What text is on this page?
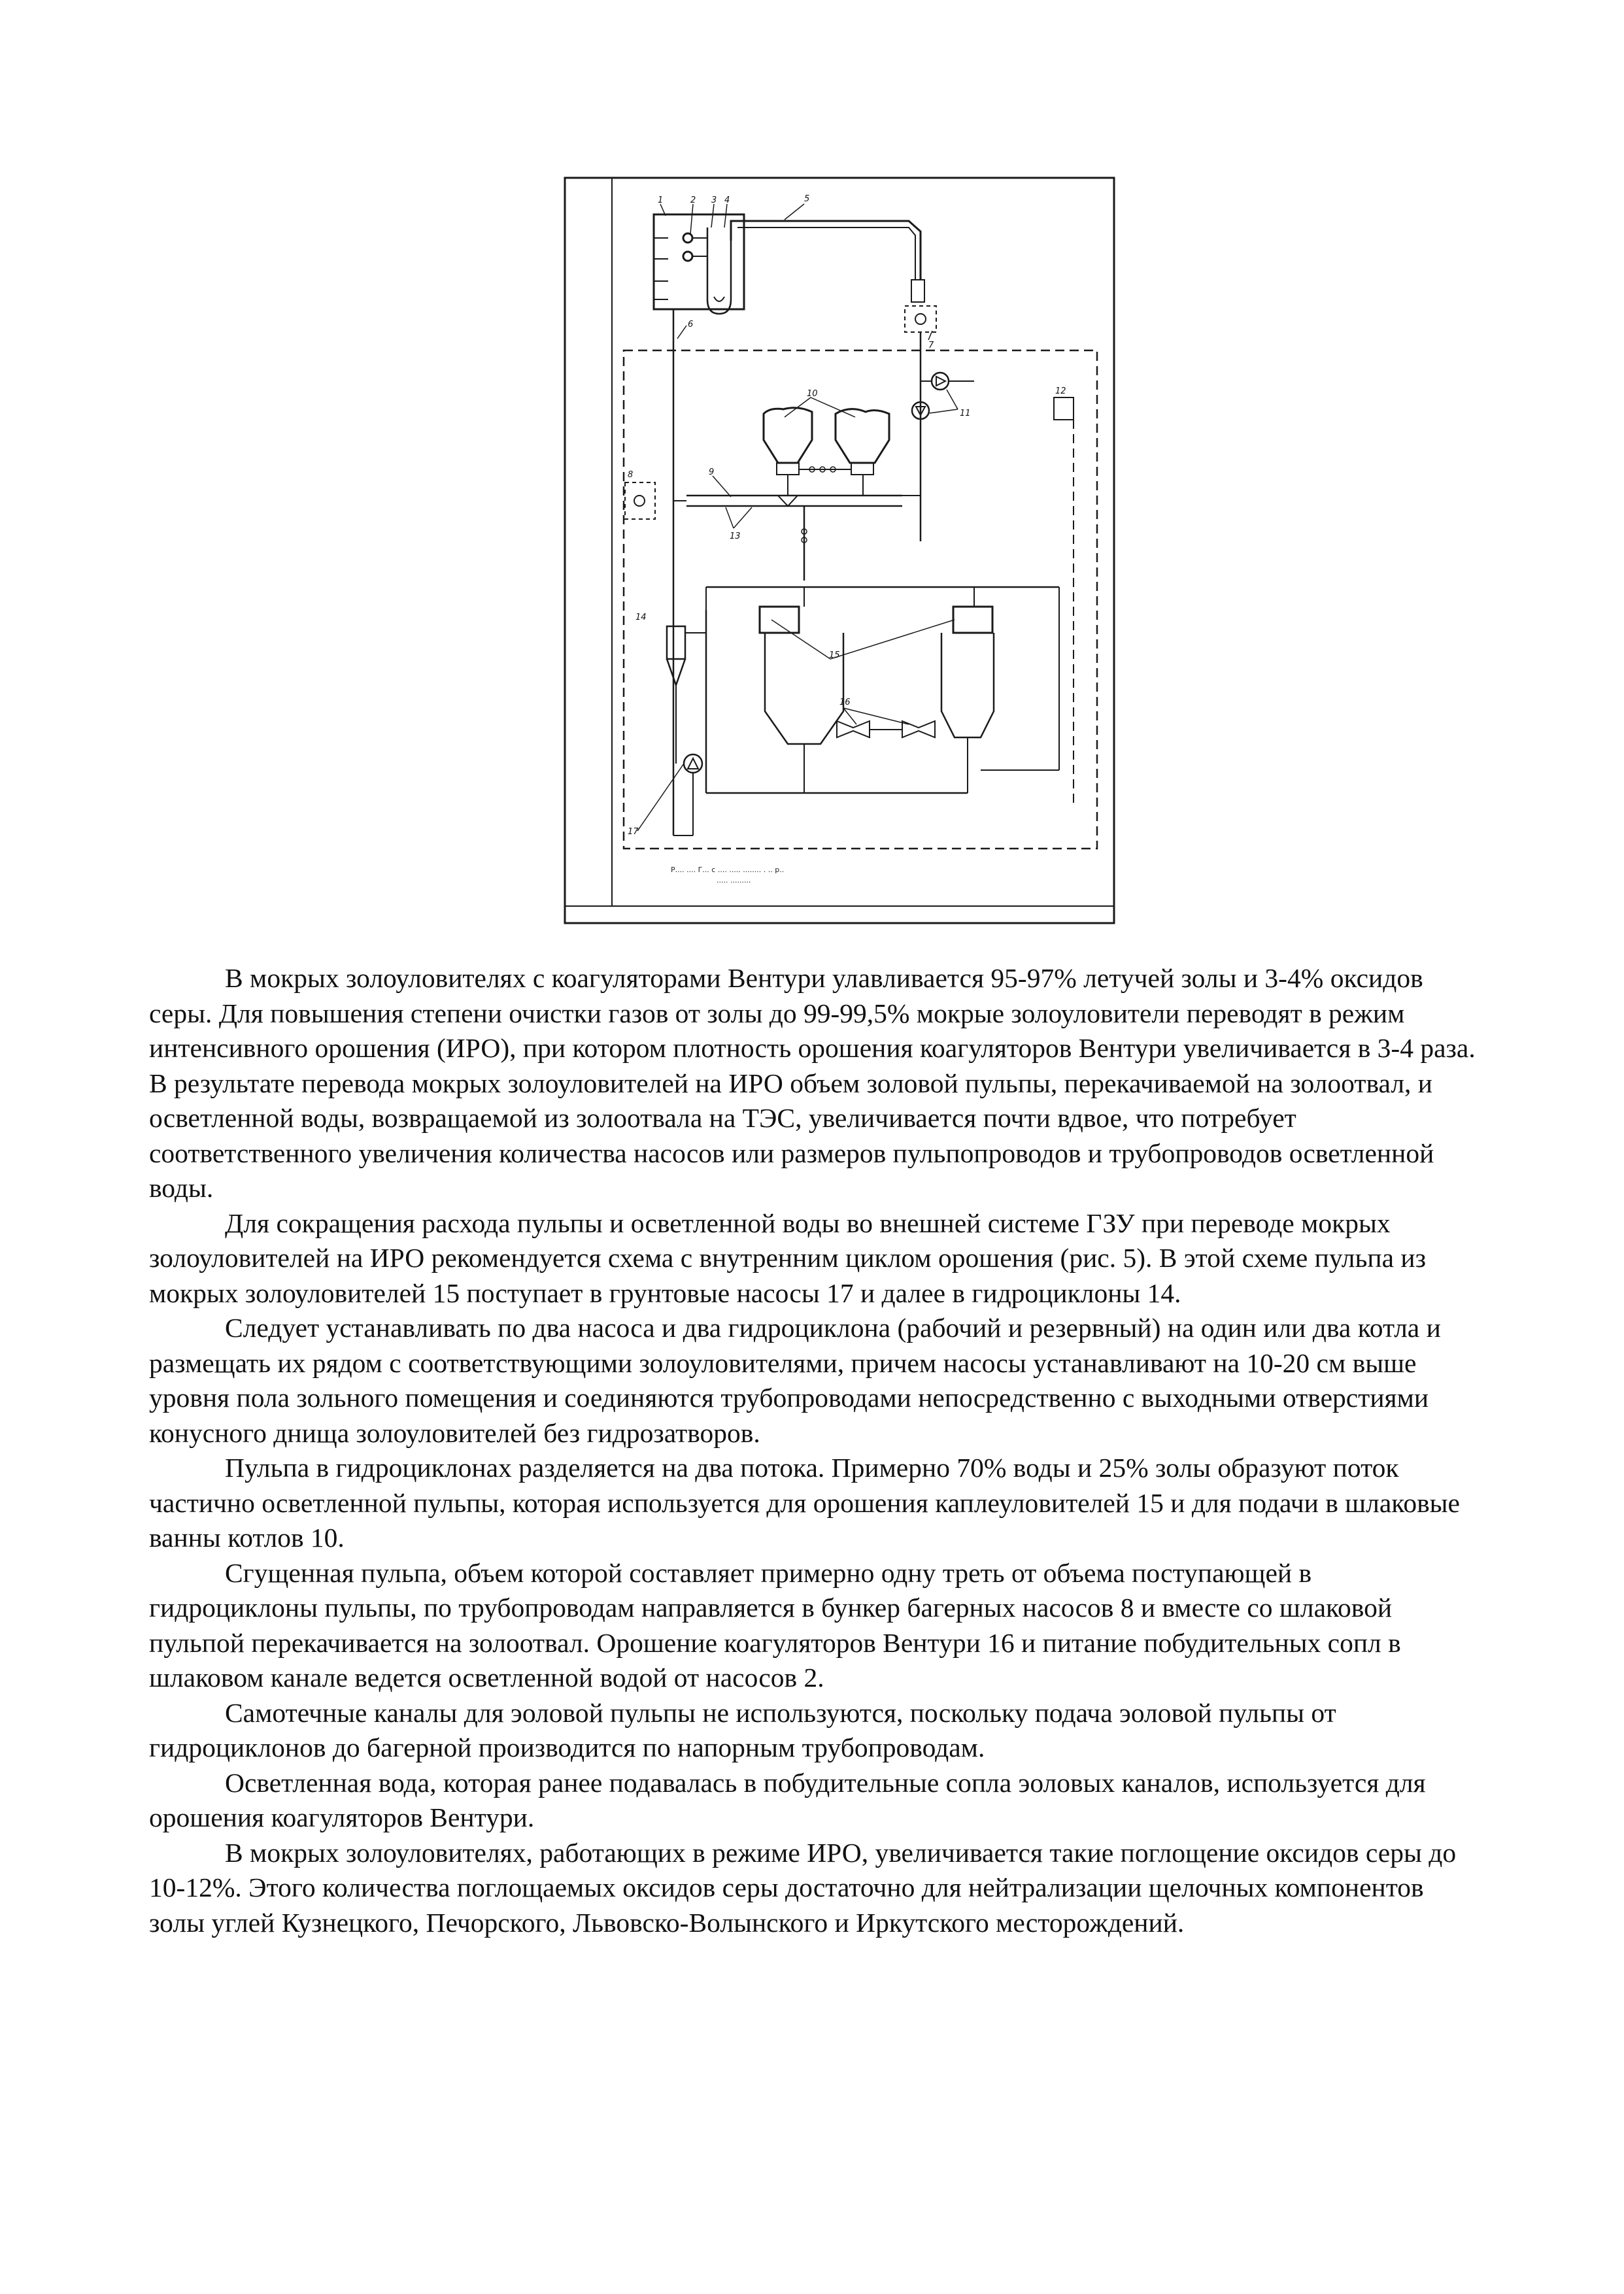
1	2 3 4	5
6
7
8	9
10
11
12
13
14
15
16
17
Р.... .... Г... с .... ..... ........ . .. р..
..... .........

В мокрых золоуловителях с коагуляторами Вентури улавливается 95-97% летучей золы и 3-4% оксидов серы. Для повышения степени очистки газов от золы до 99-99,5% мокрые золоуловители переводят в режим интенсивного орошения (ИРО), при котором плотность орошения коагуляторов Вентури увеличивается в 3-4 раза. В результате перевода мокрых золоуловителей на ИРО объем золовой пульпы, перекачиваемой на золоотвал, и осветленной воды, возвращаемой из золоотвала на ТЭС, увеличивается почти вдвое, что потребует соответственного увеличения количества насосов или размеров пульпопроводов и трубопроводов осветленной воды.

Для сокращения расхода пульпы и осветленной воды во внешней системе ГЗУ при переводе мокрых золоуловителей на ИРО рекомендуется схема с внутренним циклом орошения (рис. 5). В этой схеме пульпа из мокрых золоуловителей 15 поступает в грунтовые насосы 17 и далее в гидроциклоны 14.

Следует устанавливать по два насоса и два гидроциклона (рабочий и резервный) на один или два котла и размещать их рядом с соответствующими золоуловителями, причем насосы устанавливают на 10-20 см выше уровня пола зольного помещения и соединяются трубопроводами непосредственно с выходными отверстиями конусного днища золоуловителей без гидрозатворов.

Пульпа в гидроциклонах разделяется на два потока. Примерно 70% воды и 25% золы образуют поток частично осветленной пульпы, которая используется для орошения каплеуловителей 15 и для подачи в шлаковые ванны котлов 10.

Сгущенная пульпа, объем которой составляет примерно одну треть от объема поступающей в гидроциклоны пульпы, по трубопроводам направляется в бункер багерных насосов 8 и вместе со шлаковой пульпой перекачивается на золоотвал. Орошение коагуляторов Вентури 16 и питание побудительных сопл в шлаковом канале ведется осветленной водой от насосов 2.

Самотечные каналы для эоловой пульпы не используются, поскольку подача эоловой пульпы от гидроциклонов до багерной производится по напорным трубопроводам.

Осветленная вода, которая ранее подавалась в побудительные сопла эоловых каналов, используется для орошения коагуляторов Вентури.

В мокрых золоуловителях, работающих в режиме ИРО, увеличивается такие поглощение оксидов серы до 10-12%. Этого количества поглощаемых оксидов серы достаточно для нейтрализации щелочных компонентов золы углей Кузнецкого, Печорского, Львовско-Волынского и Иркутского месторождений.
